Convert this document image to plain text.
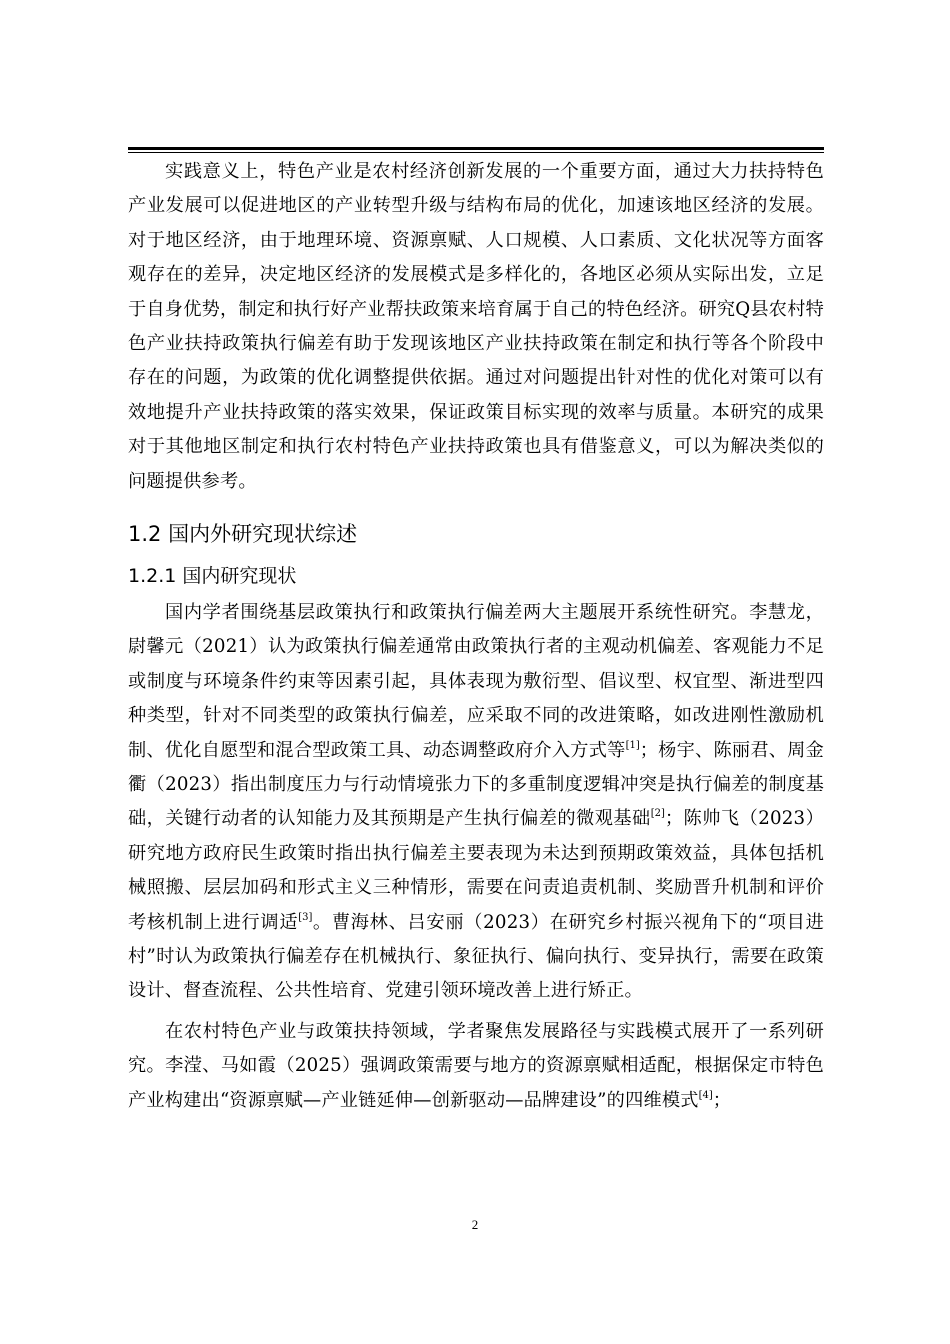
实践意义上，特色产业是农村经济创新发展的一个重要方面，通过大力扶持特色产业发展可以促进地区的产业转型升级与结构布局的优化，加速该地区经济的发展。对于地区经济，由于地理环境、资源禀赋、人口规模、人口素质、文化状况等方面客观存在的差异，决定地区经济的发展模式是多样化的，各地区必须从实际出发，立足于自身优势，制定和执行好产业帮扶政策来培育属于自己的特色经济。研究Q县农村特色产业扶持政策执行偏差有助于发现该地区产业扶持政策在制定和执行等各个阶段中存在的问题，为政策的优化调整提供依据。通过对问题提出针对性的优化对策可以有效地提升产业扶持政策的落实效果，保证政策目标实现的效率与质量。本研究的成果对于其他地区制定和执行农村特色产业扶持政策也具有借鉴意义，可以为解决类似的问题提供参考。

1.2 国内外研究现状综述
1.2.1 国内研究现状

国内学者围绕基层政策执行和政策执行偏差两大主题展开系统性研究。李慧龙，尉馨元（2021）认为政策执行偏差通常由政策执行者的主观动机偏差、客观能力不足或制度与环境条件约束等因素引起，具体表现为敷衍型、倡议型、权宜型、渐进型四种类型，针对不同类型的政策执行偏差，应采取不同的改进策略，如改进刚性激励机制、优化自愿型和混合型政策工具、动态调整政府介入方式等[1]；杨宇、陈丽君、周金衢（2023）指出制度压力与行动情境张力下的多重制度逻辑冲突是执行偏差的制度基础，关键行动者的认知能力及其预期是产生执行偏差的微观基础[2]；陈帅飞（2023）研究地方政府民生政策时指出执行偏差主要表现为未达到预期政策效益，具体包括机械照搬、层层加码和形式主义三种情形，需要在问责追责机制、奖励晋升机制和评价考核机制上进行调适[3]。曹海林、吕安丽（2023）在研究乡村振兴视角下的“项目进村”时认为政策执行偏差存在机械执行、象征执行、偏向执行、变异执行，需要在政策设计、督查流程、公共性培育、党建引领环境改善上进行矫正。

在农村特色产业与政策扶持领域，学者聚焦发展路径与实践模式展开了一系列研究。李滢、马如霞（2025）强调政策需要与地方的资源禀赋相适配，根据保定市特色产业构建出“资源禀赋—产业链延伸—创新驱动—品牌建设”的四维模式[4]；

2
